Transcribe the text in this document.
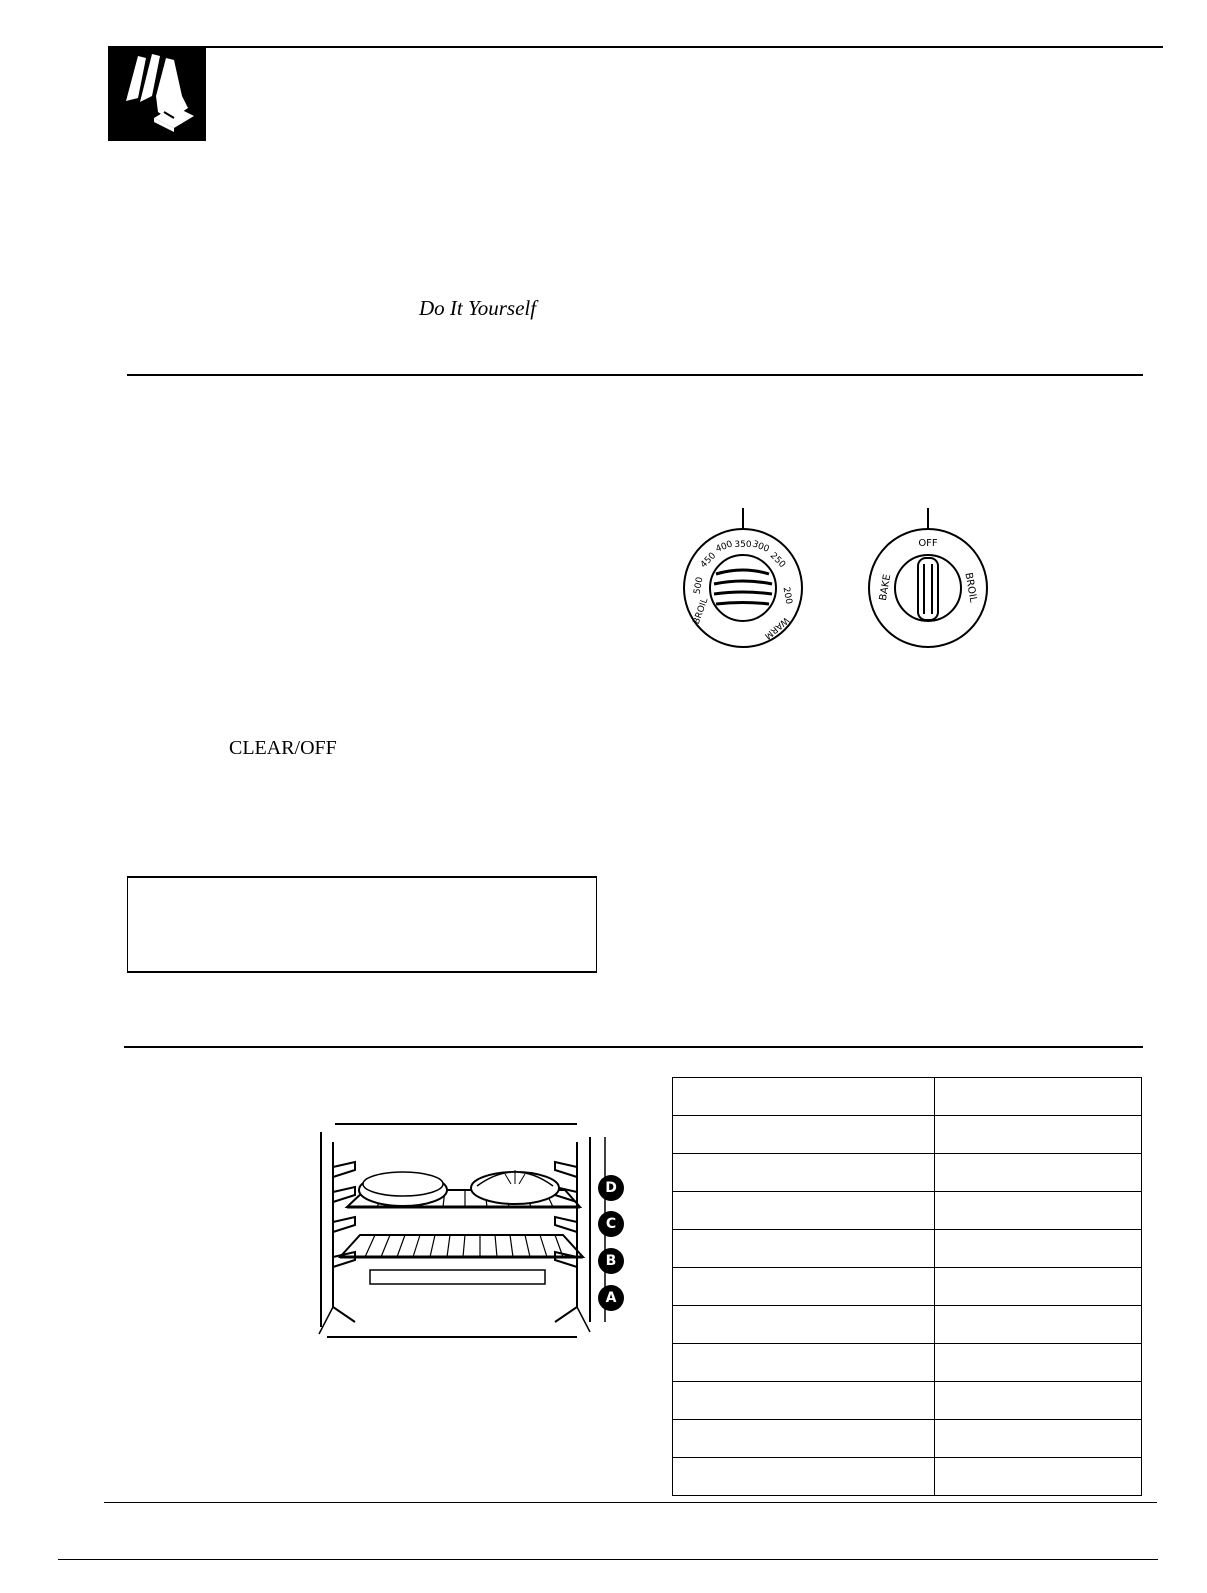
Do It Yourself
350
400 300
450	250
500
200
BROIL
WARM
OFF
BROIL
BAKE
CLEAR/OFF
D
C
B
A
